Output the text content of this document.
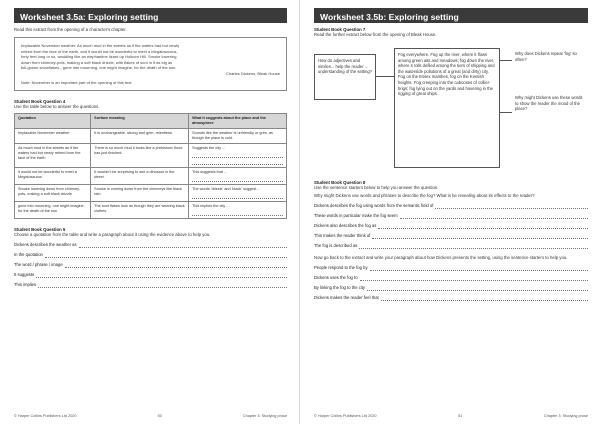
Worksheet 3.5a: Exploring setting
Read this extract from the opening of a character's chapter.
Implacable November weather. As much mud in the streets as if the waters had but newly
retired from the face of the earth, and it would not be wonderful to meet a Megalosaurus,
forty feet long or so, waddling like an elephantine lizard up Holborn Hill. Smoke lowering
down from chimney-pots, making a soft black drizzle, with flakes of soot in it as big as
full-grown snowflakes - gone into mourning, one might imagine, for the death of the sun.
Charles Dickens, Bleak House
Note: November is an important part of the opening of this text.
Student Book Question 4
Use the table below to answer the questions.
Quotation	Surface meaning	What it suggests about the place and the atmosphere
Implacable November weather	It is unchangeable, strong and grim, relentless.	Sounds like the weather is unfriendly or grim, as though the place is cold.
As much mud in the streets as if the waters had but newly retired from the face of the earth	There is so much mud it looks like a prehistoric flood has just finished.	Suggests the city ...

it would not be wonderful to meet a Megalosaurus	It wouldn't be surprising to see a dinosaur in the street.	This suggests that ...

Smoke lowering down from chimney-pots, making a soft black drizzle	Smoke is coming down from the chimneys like black rain.	The words 'drizzle' and 'black' suggest ...

gone into mourning, one might imagine, for the death of the sun	The soot flakes look as though they are wearing black clothes.	This implies the city ...
Student Book Question 5
Choose a quotation from the table and write a paragraph about it using the evidence above to help you.
Dickens describes the weather as
In the quotation
The word / phrase / image
It suggests
This implies
© Harper Collins Publishers Ltd 2020	50	Chapter 3: Studying prose
Worksheet 3.5b: Exploring setting
Student Book Question 7
Read the further extract below from the opening of Bleak House.
How do adjectives and similes... help the reader ... understanding of the setting?
Fog everywhere. Fog up the river, where it flows among green aits and meadows; fog down the river, where it rolls defiled among the tiers of shipping and the waterside pollutions of a great (and dirty) city. Fog on the Essex marshes, fog on the Kentish heights. Fog creeping into the cabooses of collier-brigs; fog lying out on the yards and hovering in the rigging of great ships.
Why does Dickens repeat 'fog' so often?
Why might Dickens use these words to show the reader the mood of the place?
Student Book Question 8
Use the sentence starters below to help you answer the question.
Why might Dickens use words and phrases to describe the fog? What is he revealing about its effects to the reader?
Dickens describes the fog using words from the semantic field of
These words in particular make the fog seem
Dickens also describes the fog as
This makes the reader think of
The fog is described as
Now go back to the extract and write your paragraph about how Dickens presents the setting, using the sentence starters to help you.
People respond to the fog by
Dickens uses the fog to
By linking the fog to the city
Dickens makes the reader feel that
© Harper Collins Publishers Ltd 2020	51	Chapter 3: Studying prose
